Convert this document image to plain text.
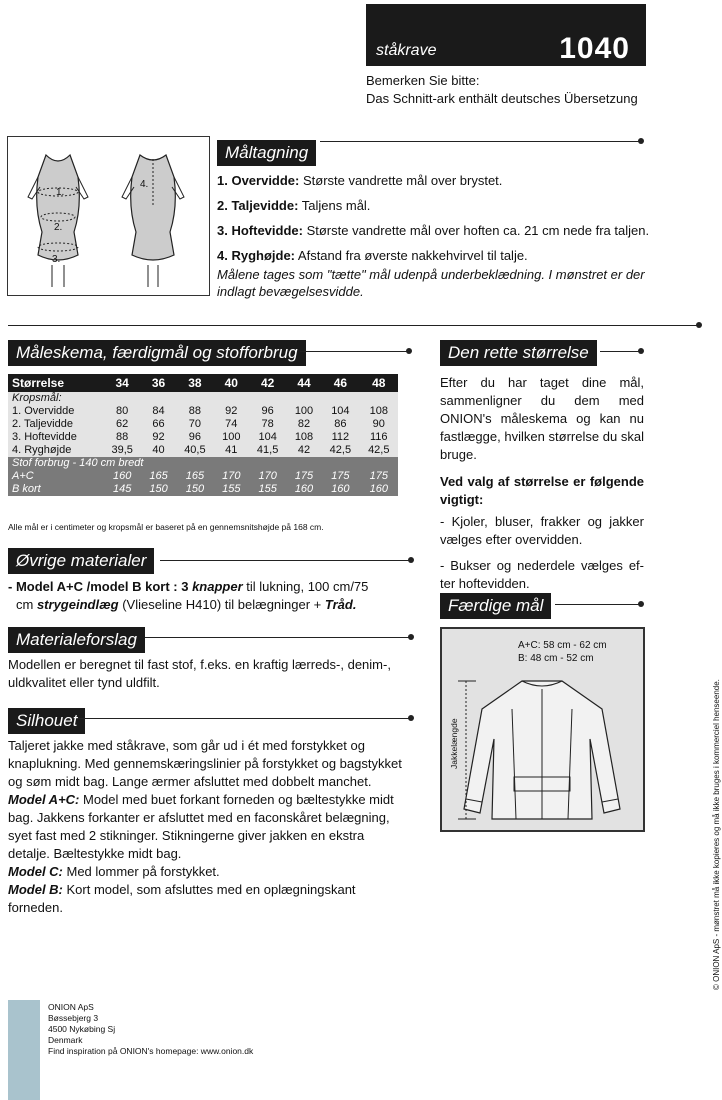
ståkrave	1040
Bemerken Sie bitte:
Das Schnitt-ark enthält deutsches Übersetzung
1.
2.
3.
4.
Måltagning

1. Overvidde: Største vandrette mål over brystet.

2. Taljevidde: Taljens mål.

3. Hoftevidde: Største vandrette mål over hoften ca. 21 cm nede fra taljen.

4. Ryghøjde: Afstand fra øverste nakkehvirvel til talje.

Målene tages som "tætte" mål udenpå underbeklædning. I mønstret er der indlagt bevægelsesvidde.
Måleskema, færdigmål og stofforbrug
Størrelse	34	36	38	40	42	44	46	48
Kropsmål:								
1. Overvidde	80	84	88	92	96	100	104	108
2. Taljevidde	62	66	70	74	78	82	86	90
3. Hoftevidde	88	92	96	100	104	108	112	116
4. Ryghøjde	39,5	40	40,5	41	41,5	42	42,5	42,5
Stof forbrug - 140 cm bredt								
A+C	160	165	165	170	170	175	175	175
B kort	145	150	150	155	155	160	160	160
Alle mål er i centimeter og kropsmål er baseret på en gennemsnitshøjde på 168 cm.
Øvrige materialer
- Model A+C /model B kort : 3 knapper til lukning, 100 cm/75
cm strygeindlæg (Vlieseline H410) til belægninger + Tråd.
Materialeforslag
Modellen er beregnet til fast stof, f.eks. en kraftig lærreds-, denim-, uldkvalitet eller tynd uldfilt.
Silhouet
Taljeret jakke med ståkrave, som går ud i ét med forstykket og knaplukning. Med gennemskæringslinier på forstykket og bagstykket og søm midt bag. Lange ærmer afsluttet med dobbelt manchet.
Model A+C: Model med buet forkant forneden og bæltestykke midt bag. Jakkens forkanter er afsluttet med en faconskåret belægning, syet fast med 2 stikninger. Stikningerne giver jakken en ekstra detalje. Bæltestykke midt bag.
Model C: Med lommer på forstykket.
Model B: Kort model, som afsluttes med en oplægningskant forneden.
Den rette størrelse
Efter du har taget dine mål, sammenligner du dem med ONION's måleskema og kan nu fastlægge, hvilken størrelse du skal bruge.
Ved valg af størrelse er følgende vigtigt:
- Kjoler, bluser, frakker og jakker vælges efter overvidden.
- Bukser og nederdele vælges ef-ter hoftevidden.
Færdige mål
A+C: 58 cm - 62 cm
B: 48 cm - 52 cm
Jakkelængde
ONION ApS
Bøssebjerg 3
4500 Nykøbing Sj
Denmark
Find inspiration på ONION's homepage: www.onion.dk
© ONION ApS - mønstret må ikke kopieres og må ikke bruges i kommerciel henseende.
